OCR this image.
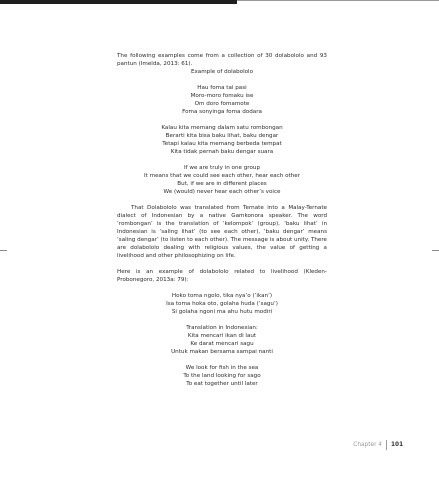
The following examples come from a collection of 30 dolabololo and 93 pantun (Imelda, 2013: 61).

Example of dolabololo
Hau foma tai pasi
Moro-moro fomaku ise
Om doro fomamote
Foma sonyinga foma dodara
Kalau kita memang dalam satu rombongan
Berarti kita bisa baku lihat, baku dengar
Tetapi kalau kita memang berbeda tempat
Kita tidak pernah baku dengar suara
If we are truly in one group
It means that we could see each other, hear each other
But, if we are in different places
We (would) never hear each other’s voice

That Dolabololo was translated from Ternate into a Malay-Ternate dialect of Indonesian by a native Gamkonora speaker. The word ‘rombongan’ is the translation of ‘kelompok’ (group), ‘baku lihat’ in Indonesian is ‘saling lihat’ (to see each other), ‘baku dengar’ means ‘saling dengar’ (to listen to each other). The message is about unity. There are dolabololo dealing with religious values, the value of getting a livelihood and other philosophizing on life.

Here is an example of dolabololo related to livelihood (Kleden-Probonegoro, 2013a: 79):

Hoko toma ngolo, tika nya’o (‘ikan’)
Isa toma hoka oto, golaha huda (‘sagu’)
Si golaha ngoni ma ahu hutu modiri
Translation in Indonesian:
Kita mencari ikan di laut
Ke darat mencari sagu
Untuk makan bersama sampai nanti
We look for fish in the sea
To the land looking for sago
To eat together until later
Chapter 4 101
